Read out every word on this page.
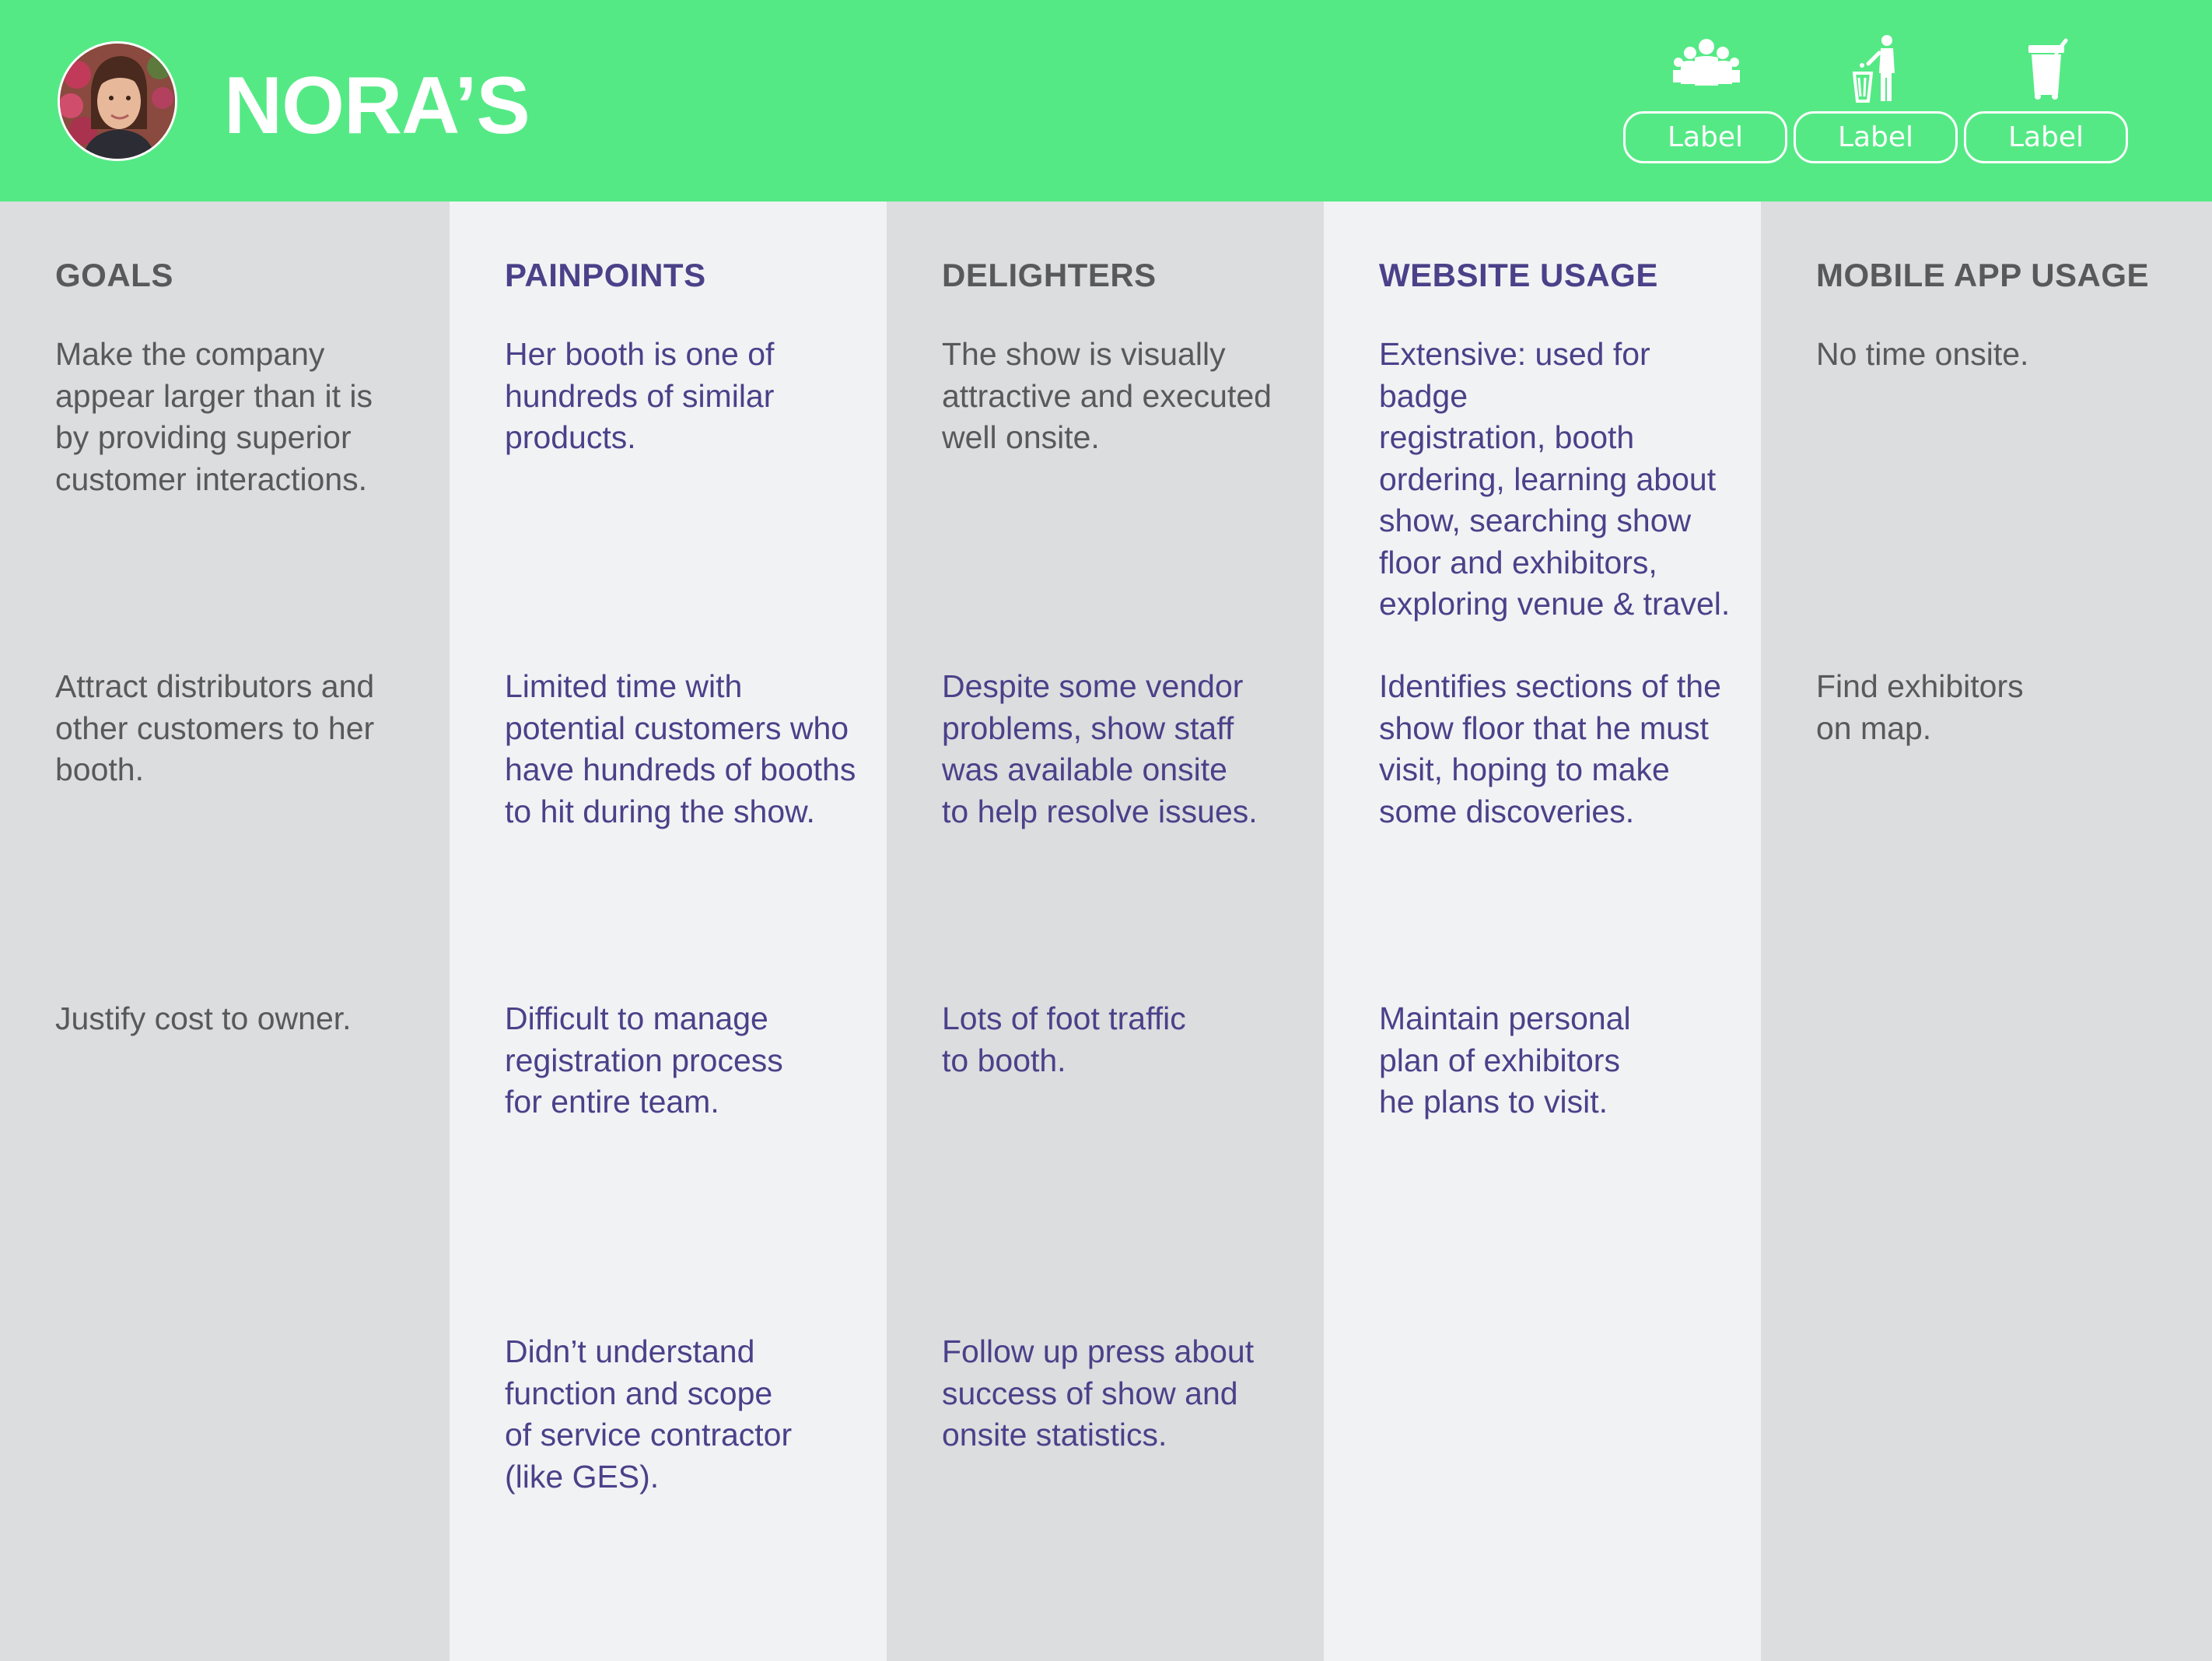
NORA’S	Label	Label	Label
GOALS

Make the company
appear larger than it is
by providing superior
customer interactions.

Attract distributors and
other customers to her
booth.

Justify cost to owner.

PAINPOINTS

Her booth is one of
hundreds of similar
products.

Limited time with
potential customers who
have hundreds of booths
to hit during the show.

Difficult to manage
registration process
for entire team.

Didn’t understand
function and scope
of service contractor
(like GES).

DELIGHTERS

The show is visually
attractive and executed
well onsite.

Despite some vendor
problems, show staff
was available onsite
to help resolve issues.

Lots of foot traffic
to booth.

Follow up press about
success of show and
onsite statistics.

WEBSITE USAGE

Extensive: used for badge
registration, booth
ordering, learning about
show, searching show
floor and exhibitors,
exploring venue & travel.

Identifies sections of the
show floor that he must
visit, hoping to make
some discoveries.

Maintain personal
plan of exhibitors
he plans to visit.

MOBILE APP USAGE

No time onsite.

Find exhibitors
on map.
